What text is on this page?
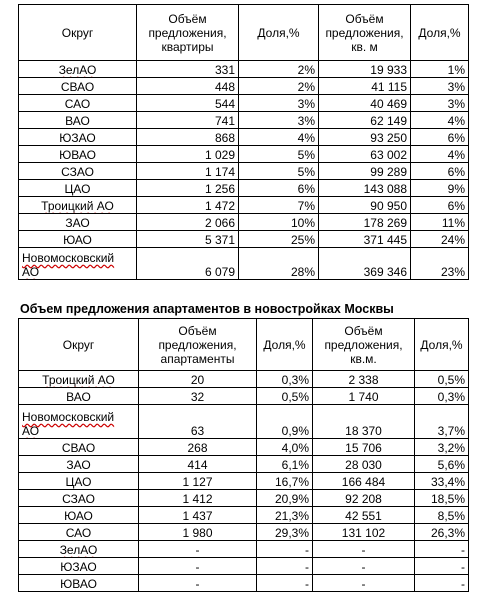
Округ	Объём
предложения,
квартиры	Доля,%	Объём
предложения,
кв. м	Доля,%
ЗелАО	331	2%	19 933	1%
СВАО	448	2%	41 115	3%
САО	544	3%	40 469	3%
ВАО	741	3%	62 149	4%
ЮЗАО	868	4%	93 250	6%
ЮВАО	1 029	5%	63 002	4%
СЗАО	1 174	5%	99 289	6%
ЦАО	1 256	6%	143 088	9%
Троицкий АО	1 472	7%	90 950	6%
ЗАО	2 066	10%	178 269	11%
ЮАО	5 371	25%	371 445	24%
Новомосковский
АО	6 079	28%	369 346	23%
Объем предложения апартаментов в новостройках Москвы
Округ	Объём
предложения,
апартаменты	Доля,%	Объём
предложения,
кв.м.	Доля,%
Троицкий АО	20	0,3%	2 338	0,5%
ВАО	32	0,5%	1 740	0,3%
Новомосковский
АО	63	0,9%	18 370	3,7%
СВАО	268	4,0%	15 706	3,2%
ЗАО	414	6,1%	28 030	5,6%
ЦАО	1 127	16,7%	166 484	33,4%
СЗАО	1 412	20,9%	92 208	18,5%
ЮАО	1 437	21,3%	42 551	8,5%
САО	1 980	29,3%	131 102	26,3%
ЗелАО	-	-	-	-
ЮЗАО	-	-	-	-
ЮВАО	-	-	-	-
